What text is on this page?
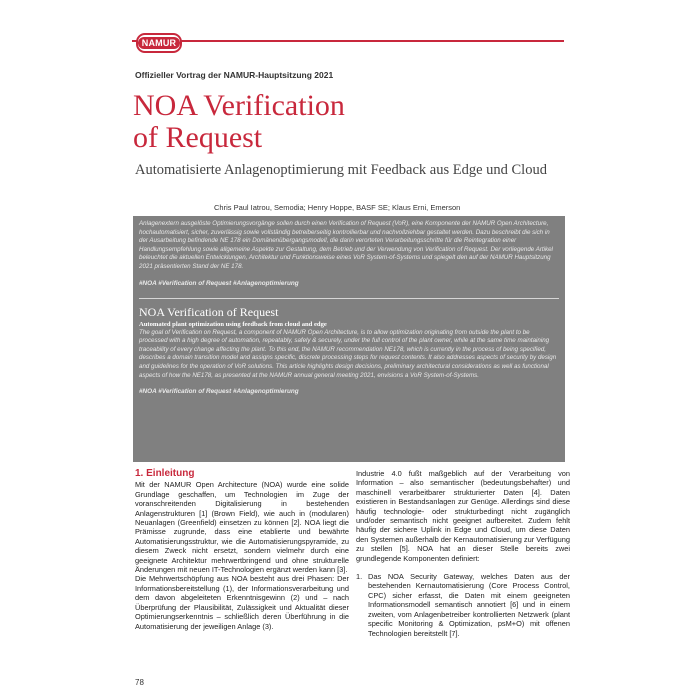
NAMUR
Offizieller Vortrag der NAMUR-Hauptsitzung 2021
NOA Verification
of Request
Automatisierte Anlagenoptimierung mit Feedback aus Edge und Cloud
Chris Paul Iatrou, Semodia; Henry Hoppe, BASF SE; Klaus Erni, Emerson

Anlagenextern ausgelöste Optimierungsvorgänge sollen durch einen Verification of Request (VoR), eine Komponente der NAMUR Open Architecture, hochautomatisiert, sicher, zuverlässig sowie vollständig betreiberseitig kontrollierbar und nachvollziehbar gestaltet werden. Dazu beschreibt die sich in der Ausarbeitung befindende NE 178 ein Domänenübergangsmodell, die darin verorteten Verarbeitungsschritte für die Reintegration einer Handlungsempfehlung sowie allgemeine Aspekte zur Gestaltung, dem Betrieb und der Verwendung von Verification of Request. Der vorliegende Artikel beleuchtet die aktuellen Entwicklungen, Architektur und Funktionsweise eines VoR System-of-Systems und spiegelt den auf der NAMUR Hauptsitzung 2021 präsentierten Stand der NE 178.

#NOA #Verification of Request #Anlagenoptimierung
NOA Verification of Request
Automated plant optimization using feedback from cloud and edge

The goal of Verification on Request, a component of NAMUR Open Architecture, is to allow optimization originating from outside the plant to be processed with a high degree of automation, repeatably, safely & securely, under the full control of the plant owner, while at the same time maintaining traceability of every change affecting the plant. To this end, the NAMUR recommendation NE178, which is currently in the process of being specified, describes a domain transition model and assigns specific, discrete processing steps for request contents. It also addresses aspects of security by design and guidelines for the operation of VoR solutions. This article highlights design decisions, preliminary architectural considerations as well as functional aspects of how the NE178, as presented at the NAMUR annual general meeting 2021, envisions a VoR System-of-Systems.

#NOA #Verification of Request #Anlagenoptimierung
1. Einleitung

Mit der NAMUR Open Architecture (NOA) wurde eine solide Grundlage geschaffen, um Technologien im Zuge der voranschreitenden Digitalisierung in bestehenden Anlagenstrukturen [1] (Brown Field), wie auch in (modularen) Neuanlagen (Greenfield) einsetzen zu können [2]. NOA liegt die Prämisse zugrunde, dass eine etablierte und bewährte Automatisierungsstruktur, wie die Automatisierungspyramide, zu diesem Zweck nicht ersetzt, sondern vielmehr durch eine geeignete Architektur mehrwertbringend und ohne strukturelle Änderungen mit neuen IT-Technologien ergänzt werden kann [3].

Die Mehrwertschöpfung aus NOA besteht aus drei Phasen: Der Informationsbereitstellung (1), der Informationsverarbeitung und dem davon abgeleiteten Erkenntnisgewinn (2) und – nach Überprüfung der Plausibilität, Zulässigkeit und Aktualität dieser Optimierungserkenntnis – schließlich deren Überführung in die Automatisierung der jeweiligen Anlage (3).

Industrie 4.0 fußt maßgeblich auf der Verarbeitung von Information – also semantischer (bedeutungsbehafter) und maschinell verarbeitbarer strukturierter Daten [4]. Daten existieren in Bestandsanlagen zur Genüge. Allerdings sind diese häufig technologie- oder strukturbedingt nicht zugänglich und/oder semantisch nicht geeignet aufbereitet. Zudem fehlt häufig der sichere Uplink in Edge und Cloud, um diese Daten den Systemen außerhalb der Kernautomatisierung zur Verfügung zu stellen [5]. NOA hat an dieser Stelle bereits zwei grundlegende Komponenten definiert:

1. Das NOA Security Gateway, welches Daten aus der bestehenden Kernautomatisierung (Core Process Control, CPC) sicher erfasst, die Daten mit einem geeigneten Informationsmodell semantisch annotiert [6] und in einem zweiten, vom Anlagenbetreiber kontrollierten Netzwerk (plant specific Monitoring & Optimization, psM+O) mit offenen Technologien bereitstellt [7].

78
